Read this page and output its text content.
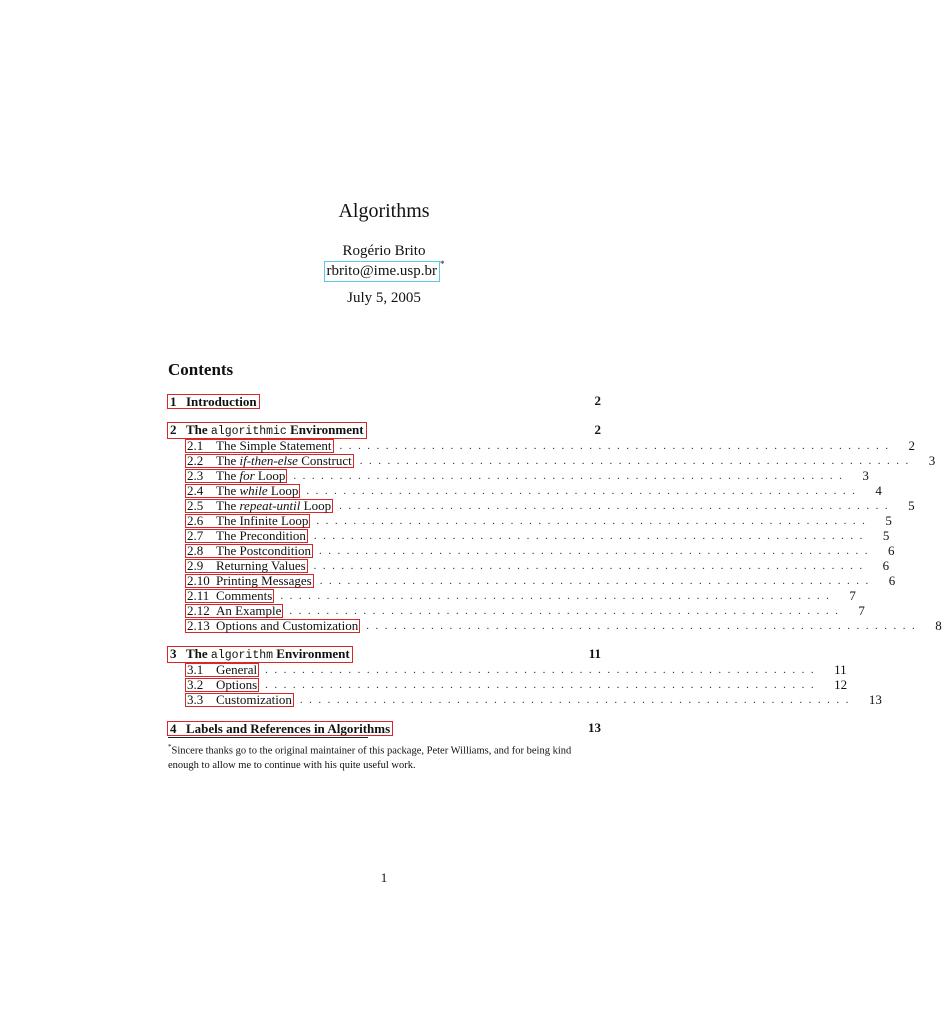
Algorithms
Rogério Brito
rbrito@ime.usp.br *
July 5, 2005
Contents
1 Introduction	2
2 The algorithmic Environment	2
2.1 The Simple Statement ............................................................ 2
2.2 The if-then-else Construct ............................................................ 3
2.3 The for Loop ............................................................ 3
2.4 The while Loop ............................................................ 4
2.5 The repeat-until Loop ............................................................ 5
2.6 The Infinite Loop ............................................................ 5
2.7 The Precondition ............................................................ 5
2.8 The Postcondition ............................................................ 6
2.9 Returning Values ............................................................ 6
2.10 Printing Messages ............................................................ 6
2.11 Comments ............................................................ 7
2.12 An Example ............................................................ 7
2.13 Options and Customization ............................................................ 8
3 The algorithm Environment	11
3.1 General ............................................................ 11
3.2 Options ............................................................ 12
3.3 Customization ............................................................ 13
4 Labels and References in Algorithms	13
*Sincere thanks go to the original maintainer of this package, Peter Williams, and for being kind enough to allow me to continue with his quite useful work.
1
